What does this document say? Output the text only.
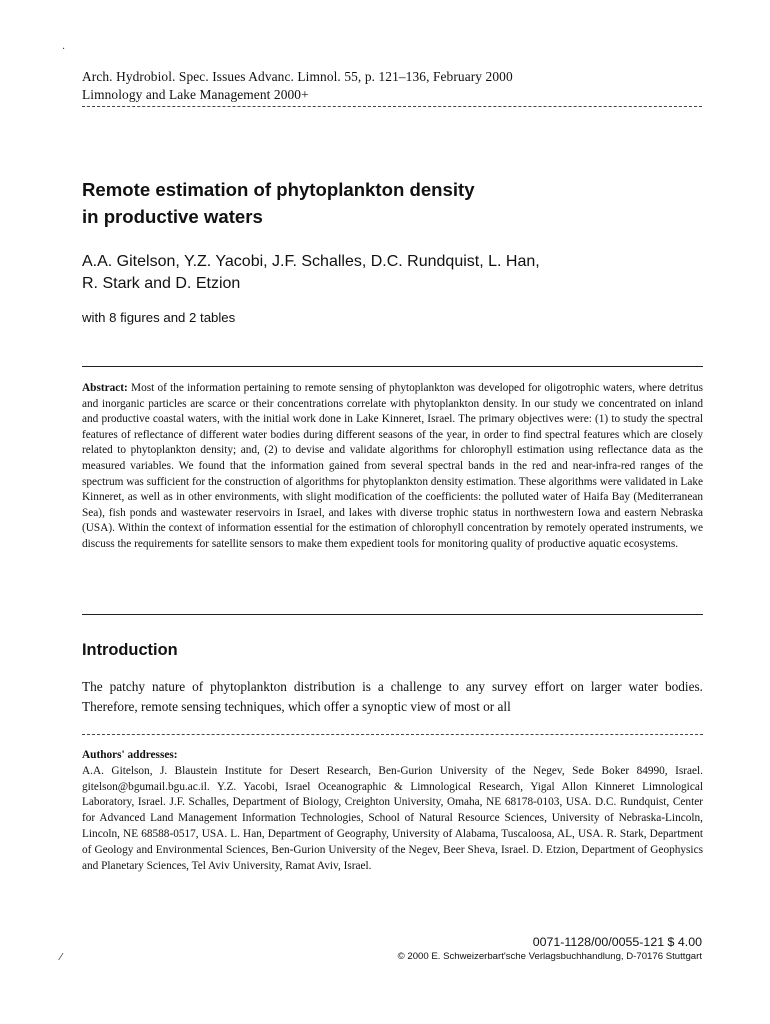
·
Arch. Hydrobiol. Spec. Issues Advanc. Limnol. 55, p. 121–136, February 2000
Limnology and Lake Management 2000+
Remote estimation of phytoplankton density
in productive waters
A.A. Gitelson, Y.Z. Yacobi, J.F. Schalles, D.C. Rundquist, L. Han,
R. Stark and D. Etzion
with 8 figures and 2 tables
Abstract: Most of the information pertaining to remote sensing of phytoplankton was developed for oligotrophic waters, where detritus and inorganic particles are scarce or their concentrations correlate with phytoplankton density. In our study we concentrated on inland and productive coastal waters, with the initial work done in Lake Kinneret, Israel. The primary objectives were: (1) to study the spectral features of reflectance of different water bodies during different seasons of the year, in order to find spectral features which are closely related to phytoplankton density; and, (2) to devise and validate algorithms for chlorophyll estimation using reflectance data as the measured variables. We found that the information gained from several spectral bands in the red and near-infra-red ranges of the spectrum was sufficient for the construction of algorithms for phytoplankton density estimation. These algorithms were validated in Lake Kinneret, as well as in other environments, with slight modification of the coefficients: the polluted water of Haifa Bay (Mediterranean Sea), fish ponds and wastewater reservoirs in Israel, and lakes with diverse trophic status in northwestern Iowa and eastern Nebraska (USA). Within the context of information essential for the estimation of chlorophyll concentration by remotely operated instruments, we discuss the requirements for satellite sensors to make them expedient tools for monitoring quality of productive aquatic ecosystems.
Introduction
The patchy nature of phytoplankton distribution is a challenge to any survey effort on larger water bodies. Therefore, remote sensing techniques, which offer a synoptic view of most or all
Authors' addresses:
A.A. Gitelson, J. Blaustein Institute for Desert Research, Ben-Gurion University of the Negev, Sede Boker 84990, Israel. gitelson@bgumail.bgu.ac.il. Y.Z. Yacobi, Israel Oceanographic & Limnological Research, Yigal Allon Kinneret Limnological Laboratory, Israel. J.F. Schalles, Department of Biology, Creighton University, Omaha, NE 68178-0103, USA. D.C. Rundquist, Center for Advanced Land Management Information Technologies, School of Natural Resource Sciences, University of Nebraska-Lincoln, Lincoln, NE 68588-0517, USA. L. Han, Department of Geography, University of Alabama, Tuscaloosa, AL, USA. R. Stark, Department of Geology and Environmental Sciences, Ben-Gurion University of the Negev, Beer Sheva, Israel. D. Etzion, Department of Geophysics and Planetary Sciences, Tel Aviv University, Ramat Aviv, Israel.
0071-1128/00/0055-121 $ 4.00
© 2000 E. Schweizerbart'sche Verlagsbuchhandlung, D-70176 Stuttgart
⁄
